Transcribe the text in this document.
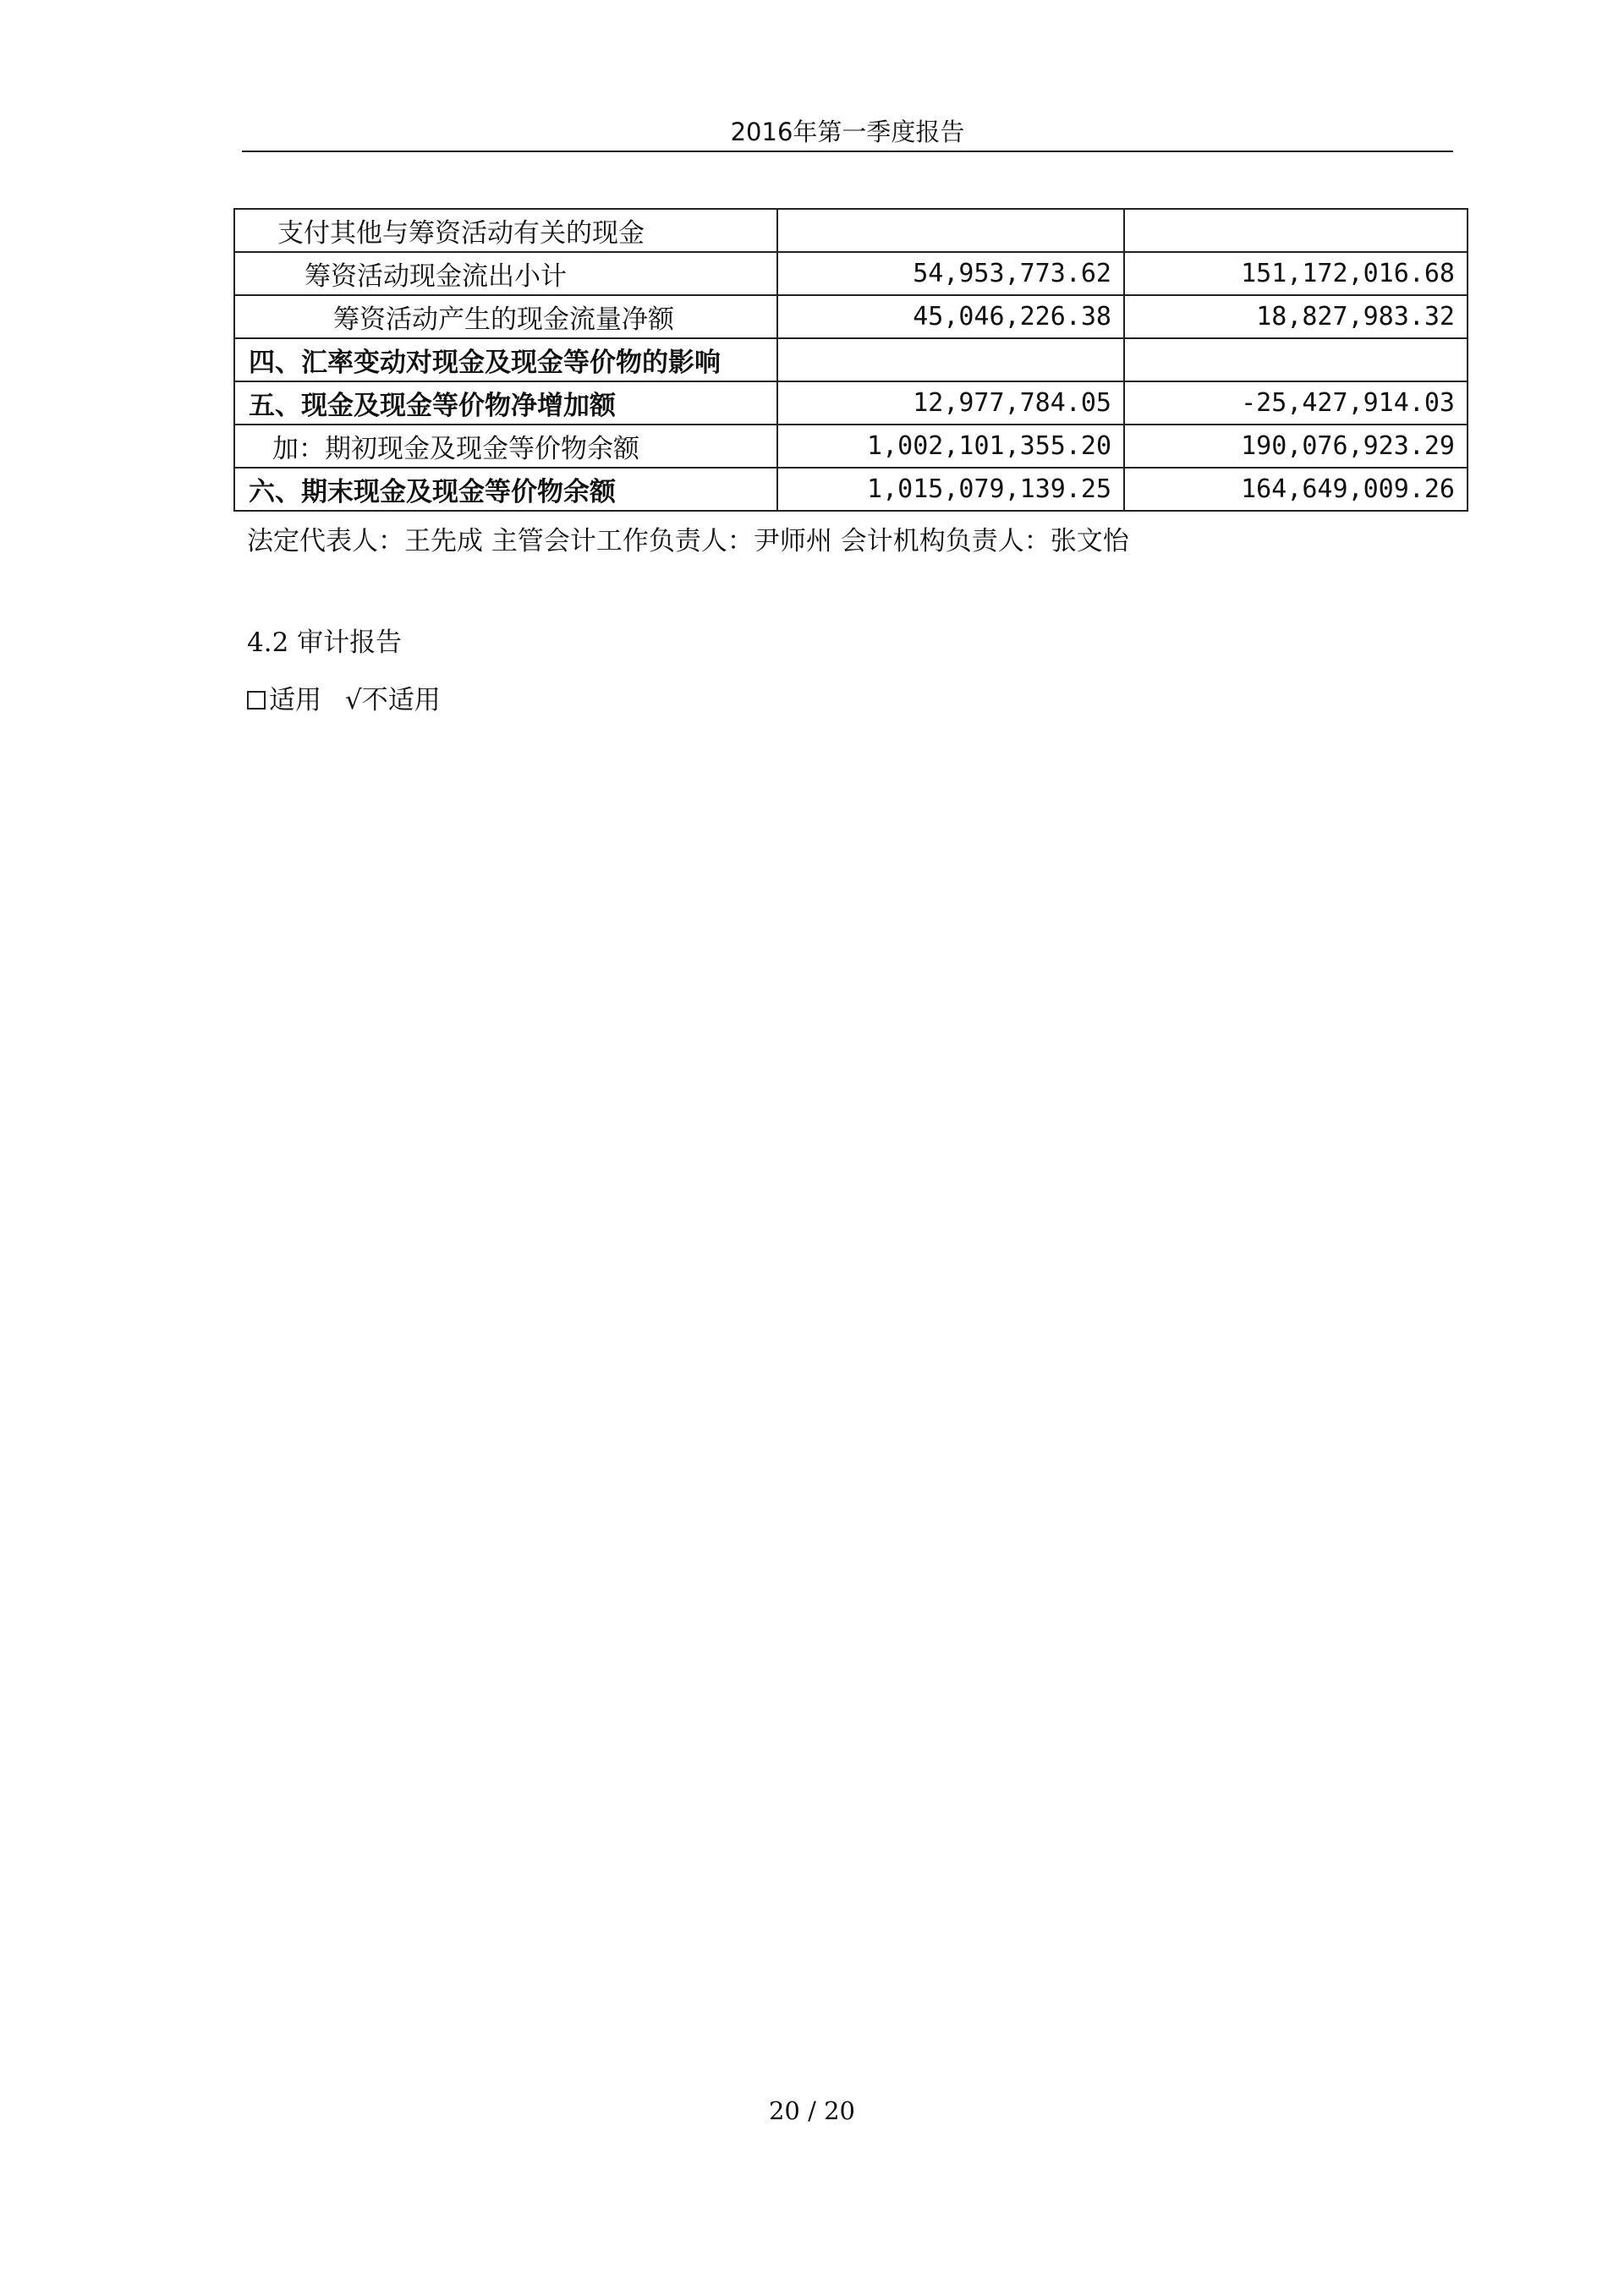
2016年第一季度报告
支付其他与筹资活动有关的现金		
筹资活动现金流出小计	54,953,773.62	151,172,016.68
筹资活动产生的现金流量净额	45,046,226.38	18,827,983.32
四、汇率变动对现金及现金等价物的影响		
五、现金及现金等价物净增加额	12,977,784.05	-25,427,914.03
加：期初现金及现金等价物余额	1,002,101,355.20	190,076,923.29
六、期末现金及现金等价物余额	1,015,079,139.25	164,649,009.26
法定代表人：王先成 主管会计工作负责人：尹师州 会计机构负责人：张文怡
4.2 审计报告
适用 √ 不适用
20 / 20
